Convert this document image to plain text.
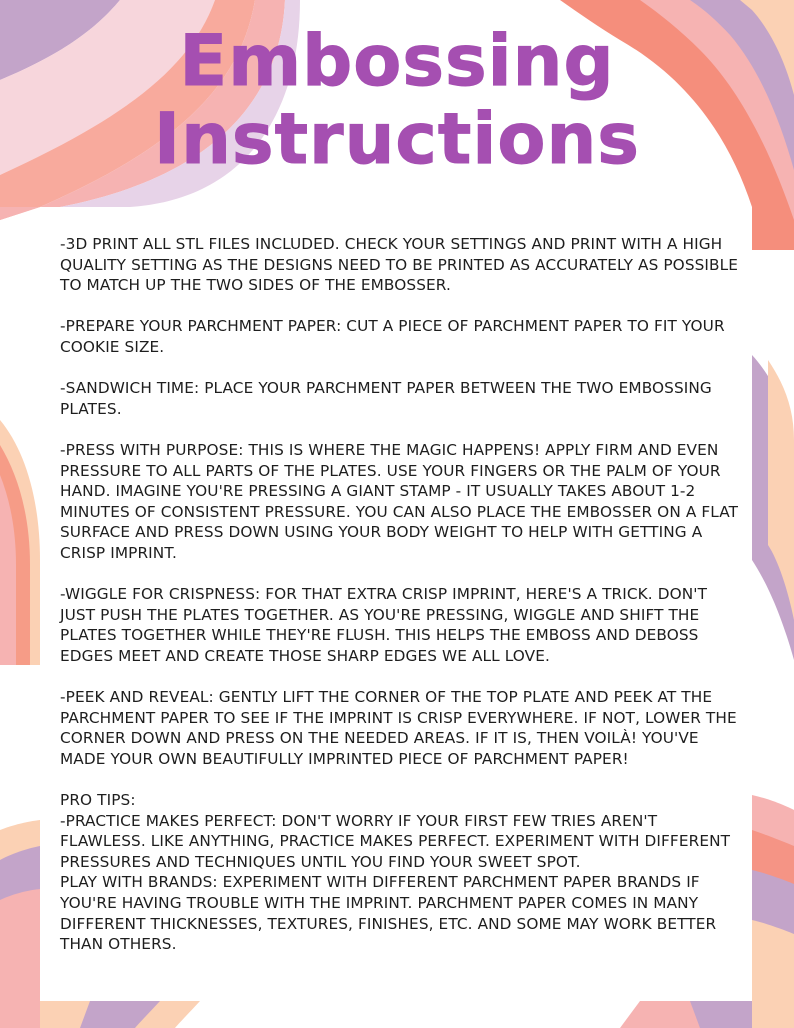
Embossing
Instructions

-3D PRINT ALL STL FILES INCLUDED. CHECK YOUR SETTINGS AND PRINT WITH A HIGH QUALITY SETTING AS THE DESIGNS NEED TO BE PRINTED AS ACCURATELY AS POSSIBLE TO MATCH UP THE TWO SIDES OF THE EMBOSSER.

-PREPARE YOUR PARCHMENT PAPER: CUT A PIECE OF PARCHMENT PAPER TO FIT YOUR COOKIE SIZE.

-SANDWICH TIME: PLACE YOUR PARCHMENT PAPER BETWEEN THE TWO EMBOSSING PLATES.

-PRESS WITH PURPOSE: THIS IS WHERE THE MAGIC HAPPENS! APPLY FIRM AND EVEN PRESSURE TO ALL PARTS OF THE PLATES. USE YOUR FINGERS OR THE PALM OF YOUR HAND. IMAGINE YOU'RE PRESSING A GIANT STAMP - IT USUALLY TAKES ABOUT 1-2 MINUTES OF CONSISTENT PRESSURE. YOU CAN ALSO PLACE THE EMBOSSER ON A FLAT SURFACE AND PRESS DOWN USING YOUR BODY WEIGHT TO HELP WITH GETTING A CRISP IMPRINT.

-WIGGLE FOR CRISPNESS: FOR THAT EXTRA CRISP IMPRINT, HERE'S A TRICK. DON'T JUST PUSH THE PLATES TOGETHER. AS YOU'RE PRESSING, WIGGLE AND SHIFT THE PLATES TOGETHER WHILE THEY'RE FLUSH. THIS HELPS THE EMBOSS AND DEBOSS EDGES MEET AND CREATE THOSE SHARP EDGES WE ALL LOVE.

-PEEK AND REVEAL: GENTLY LIFT THE CORNER OF THE TOP PLATE AND PEEK AT THE PARCHMENT PAPER TO SEE IF THE IMPRINT IS CRISP EVERYWHERE. IF NOT, LOWER THE CORNER DOWN AND PRESS ON THE NEEDED AREAS. IF IT IS, THEN VOILÀ! YOU'VE MADE YOUR OWN BEAUTIFULLY IMPRINTED PIECE OF PARCHMENT PAPER!

PRO TIPS:
-PRACTICE MAKES PERFECT: DON'T WORRY IF YOUR FIRST FEW TRIES AREN'T FLAWLESS. LIKE ANYTHING, PRACTICE MAKES PERFECT. EXPERIMENT WITH DIFFERENT PRESSURES AND TECHNIQUES UNTIL YOU FIND YOUR SWEET SPOT.
PLAY WITH BRANDS: EXPERIMENT WITH DIFFERENT PARCHMENT PAPER BRANDS IF YOU'RE HAVING TROUBLE WITH THE IMPRINT. PARCHMENT PAPER COMES IN MANY DIFFERENT THICKNESSES, TEXTURES, FINISHES, ETC. AND SOME MAY WORK BETTER THAN OTHERS.
